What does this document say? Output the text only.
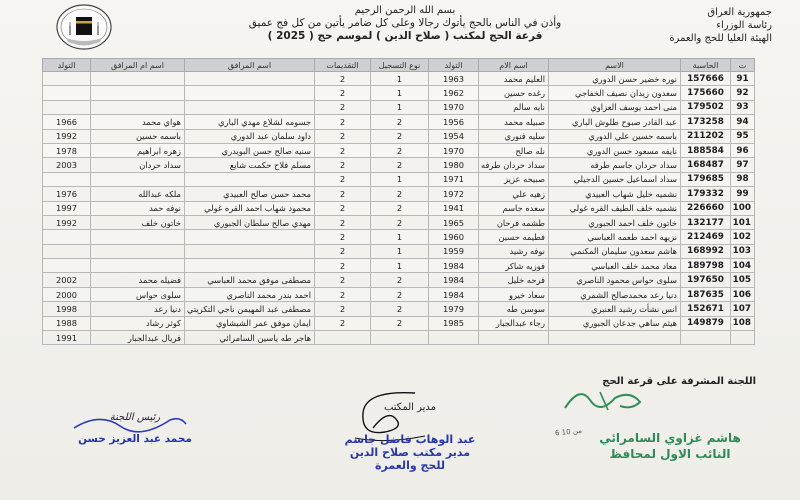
جمهورية العراق
رئاسة الوزراء
الهيئة العليا للحج والعمرة
بسم الله الرحمن الرحيم
وأذن في الناس بالحج يأتوك رجالا وعلى كل ضامر يأتين من كل فج عميق
قرعة الحج لمكتب ( صلاح الدين ) لموسم حج ( 2025 )
ت	الحاسبة	الاسم	اسم الام	التولد	نوع التسجيل	التقديمات	اسم المرافق	اسم ام المرافق	التولد
91	157666	نوره خضير حسن الدوري	العليم محمد	1963	1	2			
92	175660	سعدون زيدان نصيف الخفاجي	رغده حسين	1962	1	2			
93	179502	منى احمد يوسف العزاوي	نايه سالم	1970	1	2			
94	173258	عبد القادر صبوح طلوش الباري	صبيله محمد	1956	2	2	جسومه لشلاع مهدي الباري	هواي محمد	1966
95	211202	باسمه حسين علي الدوري	سليه فنوري	1954	2	2	داود سلمان عبد الدوري	باسمه حسين	1992
96	188584	نايفه مسعود حسن الدوري	نله صالح	1970	2	2	سنيه صالح حسن البويدري	زهره ابراهيم	1978
97	168487	سداد حردان جاسم طرفه	سداد حردان طرفه	1980	2	2	مسلم فلاح حكمت شايع	سداد حردان	2003
98	179685	سداد اسماعيل حسين الدجيلي	صبيحه عزيز	1971	1	2			
99	179332	نشميه خليل شهاب العبيدي	زهيه علي	1972	2	2	محمد حسن صالح العبيدي	ملكه عبدالله	1976
100	226660	نشميه خلف الطيف القره غولي	سعده جاسم	1941	2	2	محمود شهاب احمد القره غولي	نوفه حمد	1997
101	132177	خاتون خلف احمد الجبوري	طشمه فرحان	1965	2	2	مهدي صالح سلطان الجبوري	خاتون خلف	1992
102	212469	نزيهه احمد طعمه العباسي	فطيمه حسين	1960	1	2			
103	168992	هاشم سعدون سليمان المكنمي	نوفه رشيد	1959	1	2			
104	189798	معاد محمد خلف العباسي	فوزيه شاكر	1984	1	2			
105	197650	سلوى حواس محمود الناصري	فرحه خليل	1984	2	2	مصطفى موفق محمد العباسي	فضيله محمد	2002
106	187635	دنيا رعد محمدصالح الشمري	سعاد خيرو	1984	2	2	احمد بندر محمد الناصري	سلوى حواس	2000
107	152671	انس نشأت رشيد العنبري	سوسن طه	1979	2	2	مصطفى عبد المهيمن ناجي التكريتي	دنيا رعد	1998
108	149879	هيثم ساهي جدعان الجبوري	رجاء عبدالجبار	1985	2	2	ايمان موفق عمر الشيشاوي	كوثر رشاد	1988
							هاجر طه ياسين السامرائي	فريال عبدالجبار	1991
اللجنة المشرفة على قرعة الحج
رئيس اللجنة
محمد عبد العزيز حسن
مدير المكتب
عبد الوهاب فاضل جاسم
مدير مكتب صلاح الدين
للحج والعمرة
هاشم غزاوي السامرائي
النائب الاول لمحافظ
6 من 10
